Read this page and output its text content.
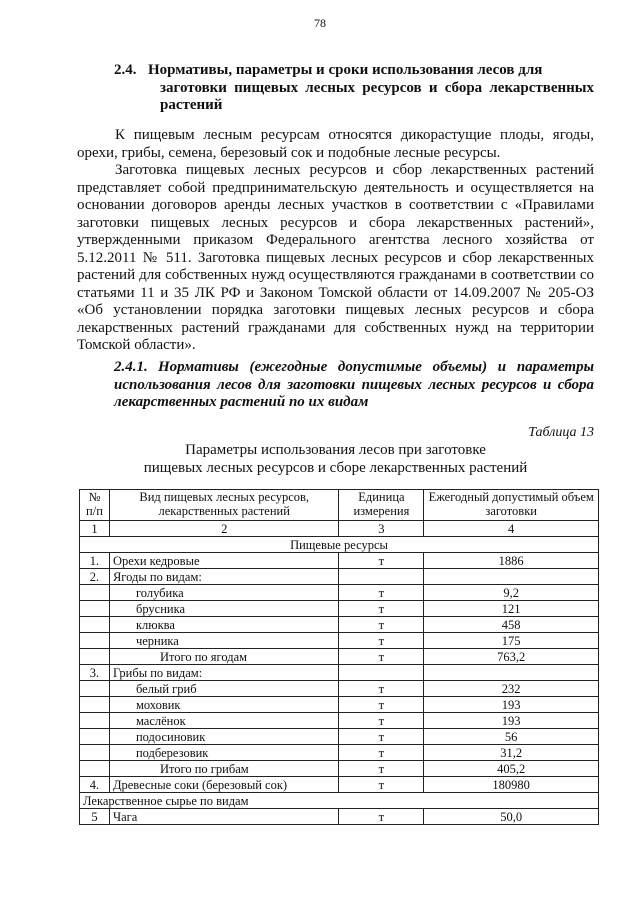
78
2.4. Нормативы, параметры и сроки использования лесов для
заготовки пищевых лесных ресурсов и сбора лекарственных растений
К пищевым лесным ресурсам относятся дикорастущие плоды, ягоды, орехи, грибы, семена, березовый сок и подобные лесные ресурсы.
Заготовка пищевых лесных ресурсов и сбор лекарственных растений представляет собой предпринимательскую деятельность и осуществляется на основании договоров аренды лесных участков в соответствии с «Правилами заготовки пищевых лесных ресурсов и сбора лекарственных растений», утвержденными приказом Федерального агентства лесного хозяйства от 5.12.2011 № 511. Заготовка пищевых лесных ресурсов и сбор лекарственных растений для собственных нужд осуществляются гражданами в соответствии со статьями 11 и 35 ЛК РФ и Законом Томской области от 14.09.2007 № 205-ОЗ «Об установлении порядка заготовки пищевых лесных ресурсов и сбора лекарственных растений гражданами для собственных нужд на территории Томской области».
2.4.1. Нормативы (ежегодные допустимые объемы) и параметры использования лесов для заготовки пищевых лесных ресурсов и сбора лекарственных растений по их видам
Таблица 13
Параметры использования лесов при заготовке
пищевых лесных ресурсов и сборе лекарственных растений
№ п/п	Вид пищевых лесных ресурсов, лекарственных растений	Единица измерения	Ежегодный допустимый объем заготовки
1	2	3	4
Пищевые ресурсы			
1.	Орехи кедровые	т	1886
2.	Ягоды по видам:		
	голубика	т	9,2
	брусника	т	121
	клюква	т	458
	черника	т	175
	Итого по ягодам	т	763,2
3.	Грибы по видам:		
	белый гриб	т	232
	моховик	т	193
	маслёнок	т	193
	подосиновик	т	56
	подберезовик	т	31,2
	Итого по грибам	т	405,2
4.	Древесные соки (березовый сок)	т	180980
Лекарственное сырье по видам			
5	Чага	т	50,0
